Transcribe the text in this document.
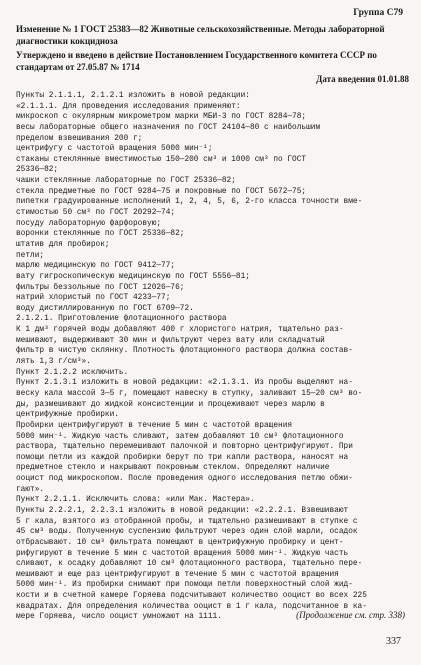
Группа С79
Изменение № 1 ГОСТ 25383—82 Животные сельскохозяйственные. Методы лабораторной диагностики кокцидиоза
Утверждено и введено в действие Постановлением Государственного комитета СССР по стандартам от 27.05.87 № 1714
Дата введения 01.01.88
Пункты 2.1.1.1, 2.1.2.1 изложить в новой редакции:
«2.1.1.1. Для проведения исследования применяют:
микроскоп с окулярным микрометром марки МБИ-3 по ГОСТ 8284—78;
весы лабораторные общего назначения по ГОСТ 24104—80 с наибольшим
пределом взвешивания 200 г;
центрифугу с частотой вращения 5000 мин⁻¹;
стаканы стеклянные вместимостью 150—200 см³ и 1000 см³ по ГОСТ
25336—82;
чашки стеклянные лабораторные по ГОСТ 25336—82;
стекла предметные по ГОСТ 9284—75 и покровные по ГОСТ 5672—75;
пипетки градуированные исполнений 1, 2, 4, 5, 6, 2-го класса точности вме-
стимостью 50 см³ по ГОСТ 20292—74;
посуду лабораторную фарфоровую;
воронки стеклянные по ГОСТ 25336—82;
штатив для пробирок;
петли;
марлю медицинскую по ГОСТ 9412—77;
вату гигроскопическую медицинскую по ГОСТ 5556—81;
фильтры беззольные по ГОСТ 12026—76;
натрий хлористый по ГОСТ 4233—77;
воду дистиллированную по ГОСТ 6709—72.
2.1.2.1. Приготовление флотационного раствора
К 1 дм³ горячей воды добавляют 400 г хлористого натрия, тщательно раз-
мешивают, выдерживают 30 мин и фильтруют через вату или складчатый
фильтр в чистую склянку. Плотность флотационного раствора должна состав-
лять 1,3 г/см³».
Пункт 2.1.2.2 исключить.
Пункт 2.1.3.1 изложить в новой редакции: «2.1.3.1. Из пробы выделяют на-
веску кала массой 3—5 г, помещают навеску в ступку, заливают 15—20 см³ во-
ды, размешивают до жидкой консистенции и процеживают через марлю в
центрифужные пробирки.
Пробирки центрифугируют в течение 5 мин с частотой вращения
5000 мин⁻¹. Жидкую часть сливают, затем добавляют 10 см³ флотационного
раствора, тщательно перемешивают палочкой и повторно центрифугируют. При
помощи петли из каждой пробирки берут по три капли раствора, наносят на
предметное стекло и накрывают покровным стеклом. Определяют наличие
ооцист под микроскопом. После проведения одного исследования петлю обжи-
гают».
Пункт 2.2.1.1. Исключить слова: «или Мак. Мастера».
Пункты 2.2.2.1, 2.2.3.1 изложить в новой редакции: «2.2.2.1. Взвешивают
5 г кала, взятого из отобранной пробы, и тщательно размешивают в ступке с
45 см³ воды. Полученную суспензию фильтруют через один слой марли, осадок
отбрасывают. 10 см³ фильтрата помещают в центрифужную пробирку и цент-
рифугируют в течение 5 мин с частотой вращения 5000 мин⁻¹. Жидкую часть
сливают, к осадку добавляют 10 см³ флотационного раствора, тщательно пере-
мешивают и еще раз центрифугируют в течение 5 мин с частотой вращения
5000 мин⁻¹. Из пробирки снимают при помощи петли поверхностный слой жид-
кости и в счетной камере Горяева подсчитывают количество ооцист во всех 225
квадратах. Для определения количества ооцист в 1 г кала, подсчитанное в ка-
мере Горяева, число ооцист умножают на 1111.	(Продолжение см. стр. 338)
337
